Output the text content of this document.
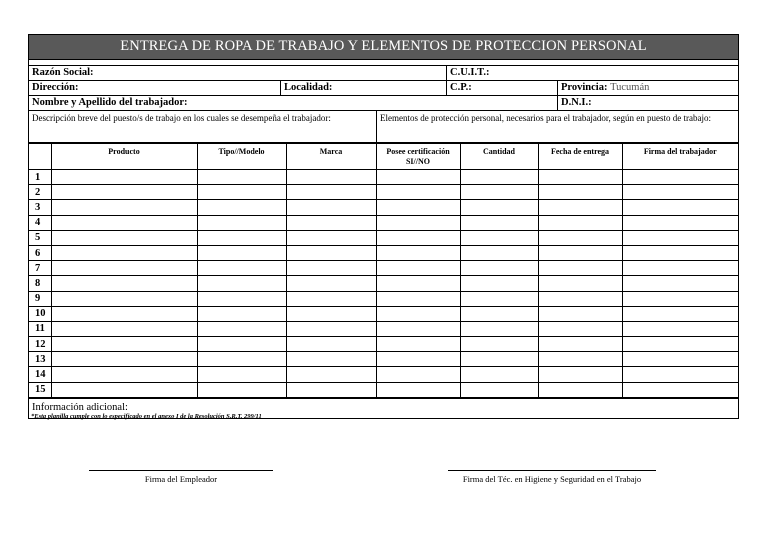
ENTREGA DE ROPA DE TRABAJO Y ELEMENTOS DE PROTECCION PERSONAL
Razón Social:	C.U.I.T.:
Dirección:	Localidad:	C.P.:	Provincia: Tucumán
Nombre y Apellido del trabajador:	D.N.I.:
Descripción breve del puesto/s de trabajo en los cuales se desempeña el trabajador:	Elementos de protección personal, necesarios para el trabajador, según en puesto de trabajo:
	Producto	Tipo//Modelo	Marca	Posee certificación SI//NO	Cantidad	Fecha de entrega	Firma del trabajador
1							
2							
3							
4							
5							
6							
7							
8							
9							
10							
11							
12							
13							
14							
15							
Información adicional:
*Esta planilla cumple con lo especificado en el anexo I de la Resolución S.R.T. 299/11
Firma del Empleador	Firma del Téc. en Higiene y Seguridad en el Trabajo
